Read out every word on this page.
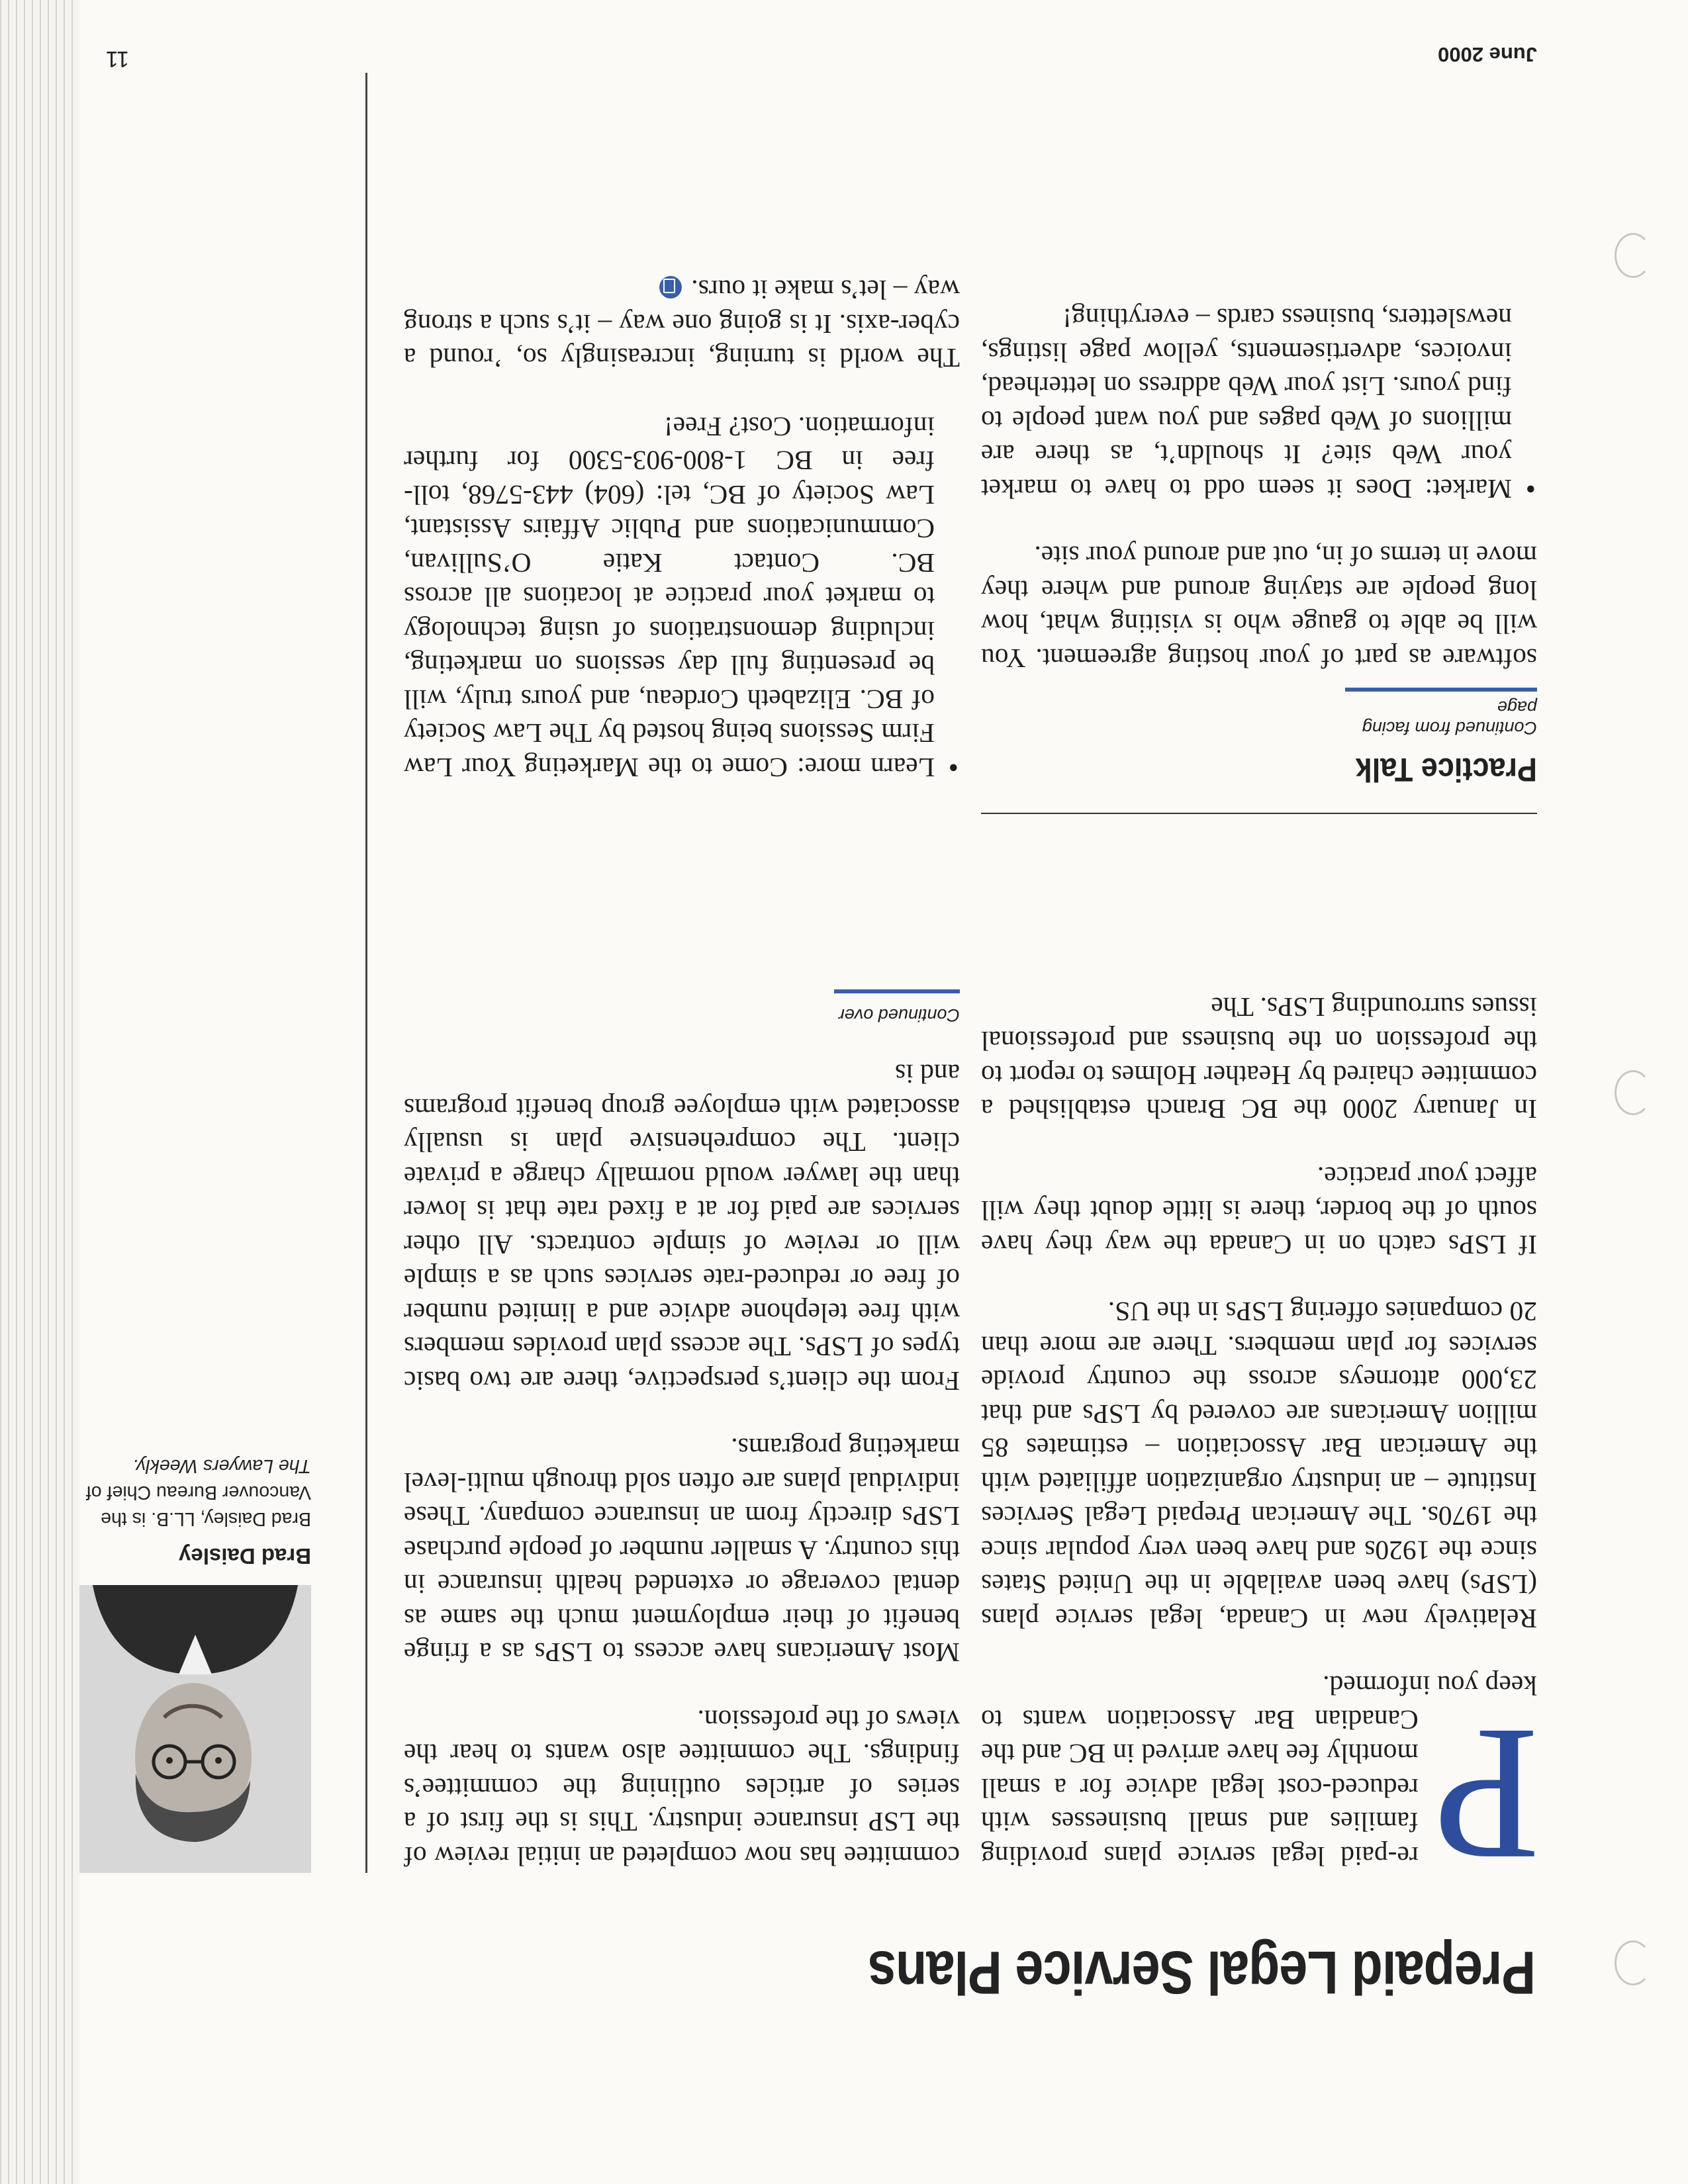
Prepaid Legal Service Plans

P
re-paid legal service plans providing families and small businesses with reduced-cost legal advice for a small monthly fee have arrived in BC and the Canadian Bar Association wants to keep you informed.

Relatively new in Canada, legal service plans (LSPs) have been available in the United States since the 1920s and have been very popular since the 1970s. The American Prepaid Legal Services Institute – an industry organization affiliated with the American Bar Association – estimates 85 million Americans are covered by LSPs and that 23,000 attorneys across the country provide services for plan members. There are more than 20 companies offering LSPs in the US.

If LSPs catch on in Canada the way they have south of the border, there is little doubt they will affect your practice.

In January 2000 the BC Branch established a committee chaired by Heather Holmes to report to the profession on the business and professional issues surrounding LSPs. The

committee has now completed an initial review of the LSP insurance industry. This is the first of a series of articles outlining the committee’s findings. The committee also wants to hear the views of the profession.

Most Americans have access to LSPs as a fringe benefit of their employment much the same as dental coverage or extended health insurance in this country. A smaller number of people purchase LSPs directly from an insurance company. These individual plans are often sold through multi-level marketing programs.

From the client’s perspective, there are two basic types of LSPs. The access plan provides members with free telephone advice and a limited number of free or reduced-rate services such as a simple will or review of simple contracts. All other services are paid for at a fixed rate that is lower than the lawyer would normally charge a private client. The comprehensive plan is usually associated with employee group benefit programs and is

Continued over
Practice Talk
Continued from facing page

software as part of your hosting agreement. You will be able to gauge who is visiting what, how long people are staying around and where they move in terms of in, out and around your site.

• Market: Does it seem odd to have to market your Web site? It shouldn’t, as there are millions of Web pages and you want people to find yours. List your Web address on letterhead, invoices, advertisements, yellow page listings, newsletters, business cards – everything!
• Learn more: Come to the Marketing Your Law Firm Sessions being hosted by The Law Society of BC. Elizabeth Cordeau, and yours truly, will be presenting full day sessions on marketing, including demonstrations of using technology to market your practice at locations all across BC. Contact Katie O’Sullivan, Communications and Public Affairs Assistant, Law Society of BC, tel: (604) 443-5768, toll-free in BC 1-800-903-5300 for further information. Cost? Free!

The world is turning, increasingly so, ’round a cyber-axis. It is going one way – it’s such a strong way – let’s make it ours.

Brad Daisley
Brad Daisley, LL.B. is the Vancouver Bureau Chief of The Lawyers Weekly.
June 2000
11
